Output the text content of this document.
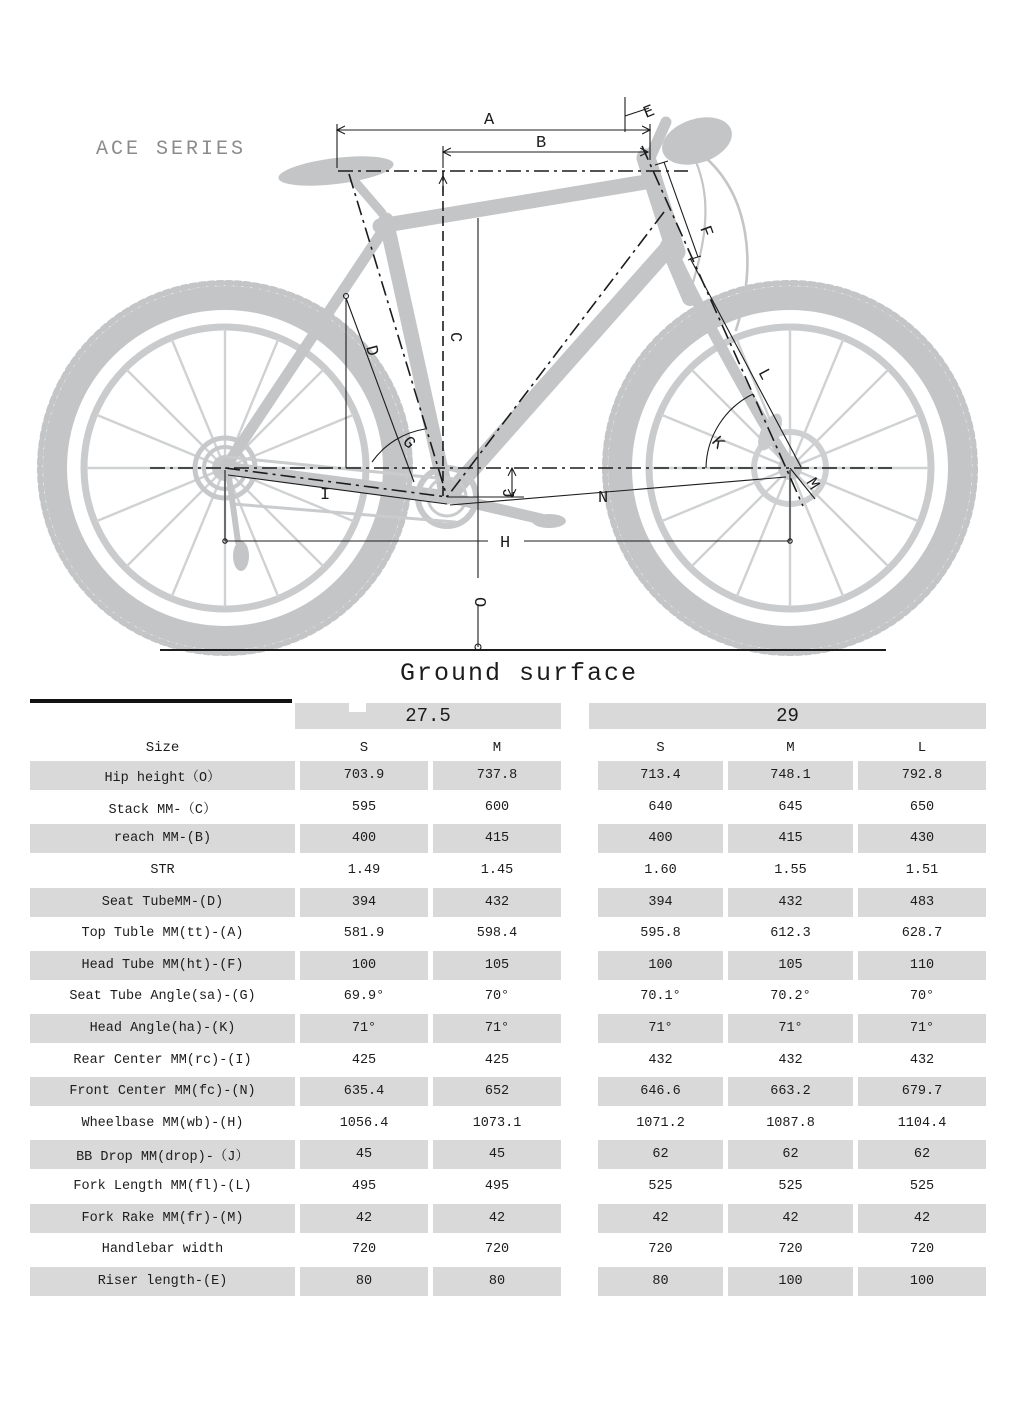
ACE SERIES
A
B
C
D
E
F
G
H
I	J
K
L
M
N
O
Ground surface
27.5	29
Size	S	M	S	M	L
Hip height（O）	703.9	737.8	713.4	748.1	792.8
Stack MM-（C）	595	600	640	645	650
reach MM-(B)	400	415	400	415	430
STR	1.49	1.45	1.60	1.55	1.51
Seat TubeMM-(D)	394	432	394	432	483
Top Tuble MM(tt)-(A)	581.9	598.4	595.8	612.3	628.7
Head Tube MM(ht)-(F)	100	105	100	105	110
Seat Tube Angle(sa)-(G)	69.9°	70°	70.1°	70.2°	70°
Head Angle(ha)-(K)	71°	71°	71°	71°	71°
Rear Center MM(rc)-(I)	425	425	432	432	432
Front Center MM(fc)-(N)	635.4	652	646.6	663.2	679.7
Wheelbase MM(wb)-(H)	1056.4	1073.1	1071.2	1087.8	1104.4
BB Drop MM(drop)-（J）	45	45	62	62	62
Fork Length MM(fl)-(L)	495	495	525	525	525
Fork Rake MM(fr)-(M)	42	42	42	42	42
Handlebar width	720	720	720	720	720
Riser length-(E)	80	80	80	100	100
